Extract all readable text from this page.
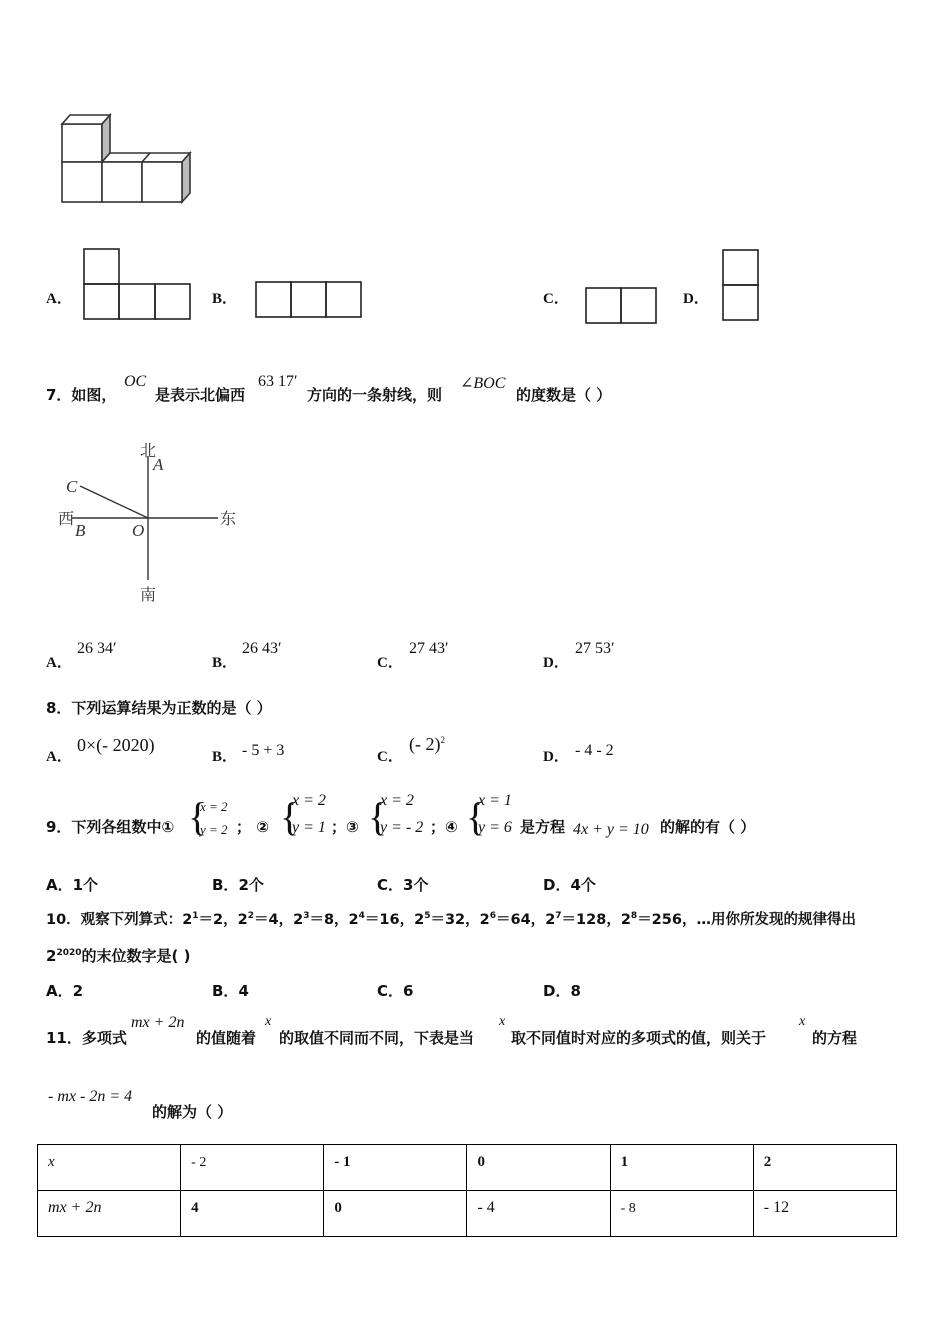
A．	B．	C．	D．
7．如图，
OC
是表示北偏西
63 17′
方向的一条射线，则
∠BOC
的度数是（ ）
北
A
C
西
B	O
东
南
A．
26 34′
B．
26 43′
C．
27 43′
D．
27 53′
8．下列运算结果为正数的是（ ）
A．
0×(- 2020)
B． - 5 + 3	C．
(- 2)$^2$
D． - 4 - 2
9．下列各组数中① {
x = 2
y = 2 ； ② {
x = 2
y = 1 ；③ {
x = 2
y = - 2 ；④ {
x = 1
y = 6 是方程 4x + y = 10 的解的有（ ）
A．1个	B．2个	C．3个	D．4个
10．观察下列算式：$2^1=2$，$2^2=4$，$2^3=8$，$2^4=16$，$2^5=32$，$2^6=64$，$2^7=128$，$2^8=256$，…用你所发现的规律得出
$2^{2020}$的末位数字是( )
A．2	B．4	C．6	D．8
11．多项式
mx + 2n
的值随着
x
的取值不同而不同，下表是当
x
取不同值时对应的多项式的值，则关于
x
的方程
- mx - 2n = 4
的解为（ ）
x	- 2	- 1	0	1	2
mx + 2n	4	0	- 4	- 8	- 12
